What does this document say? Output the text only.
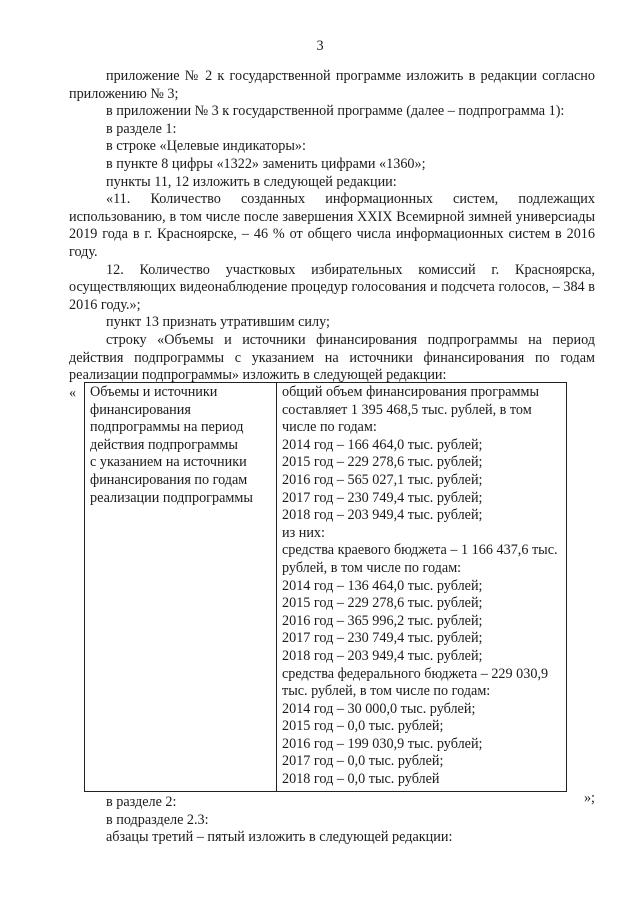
3

приложение № 2 к государственной программе изложить в редакции согласно приложению № 3;

в приложении № 3 к государственной программе (далее – подпрограмма 1):

в разделе 1:

в строке «Целевые индикаторы»:

в пункте 8 цифры «1322» заменить цифрами «1360»;

пункты 11, 12 изложить в следующей редакции:

«11. Количество созданных информационных систем, подлежащих использованию, в том числе после завершения XXIX Всемирной зимней универсиады 2019 года в г. Красноярске, – 46 % от общего числа информационных систем в 2016 году.

12. Количество участковых избирательных комиссий г. Красноярска, осуществляющих видеонаблюдение процедур голосования и подсчета голосов, – 384 в 2016 году.»;

пункт 13 признать утратившим силу;

строку «Объемы и источники финансирования подпрограммы на период действия подпрограммы с указанием на источники финансирования по годам реализации подпрограммы» изложить в следующей редакции:

« Объемы и источники
финансирования
подпрограммы на период
действия подпрограммы
с указанием на источники
финансирования по годам
реализации подпрограммы

общий объем финансирования программы
составляет 1 395 468,5 тыс. рублей, в том
числе по годам:
2014 год – 166 464,0 тыс. рублей;
2015 год – 229 278,6 тыс. рублей;
2016 год – 565 027,1 тыс. рублей;
2017 год – 230 749,4 тыс. рублей;
2018 год – 203 949,4 тыс. рублей;
из них:
средства краевого бюджета – 1 166 437,6 тыс.
рублей, в том числе по годам:
2014 год – 136 464,0 тыс. рублей;
2015 год – 229 278,6 тыс. рублей;
2016 год – 365 996,2 тыс. рублей;
2017 год – 230 749,4 тыс. рублей;
2018 год – 203 949,4 тыс. рублей;
средства федерального бюджета – 229 030,9
тыс. рублей, в том числе по годам:
2014 год – 30 000,0 тыс. рублей;
2015 год – 0,0 тыс. рублей;
2016 год – 199 030,9 тыс. рублей;
2017 год – 0,0 тыс. рублей;
2018 год – 0,0 тыс. рублей
»;
в разделе 2:
в подразделе 2.3:
абзацы третий – пятый изложить в следующей редакции:
